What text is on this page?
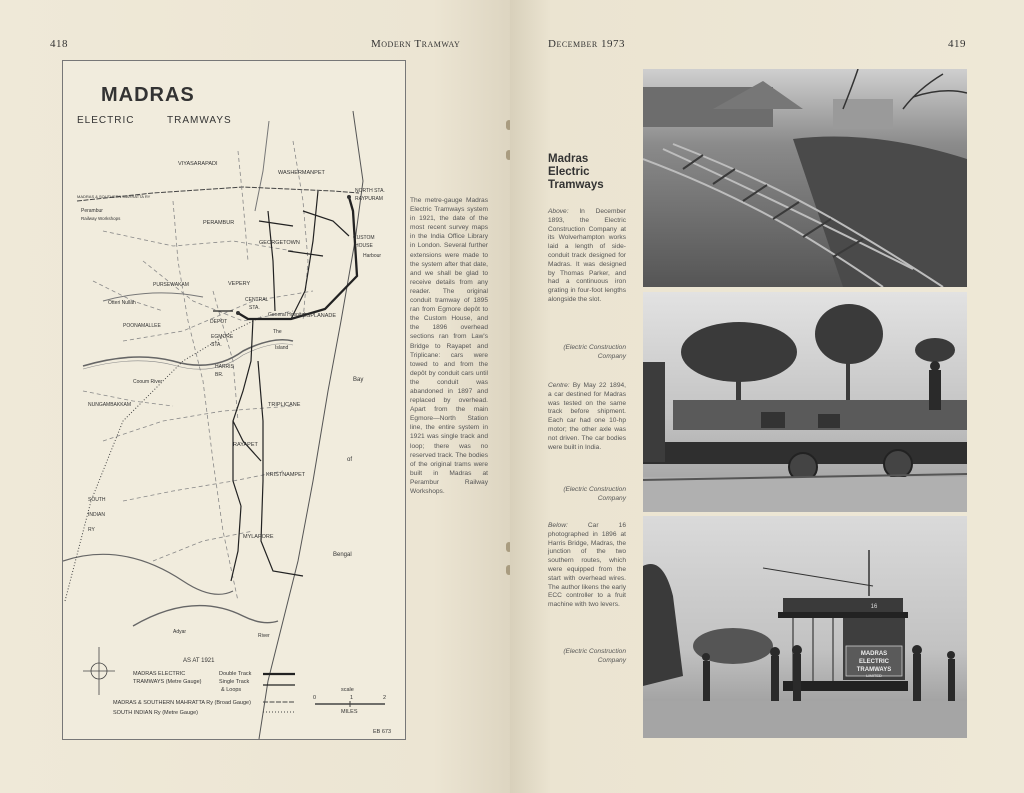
418	Modern Tramway
MADRAS
ELECTRIC	TRAMWAYS
VIYASARAPADI
WASHERMANPET
NORTH STA.
RAYPURAM
MADRAS & SOUTHERN MAHRATTA RY
Perambur
Railway Workshops
PERAMBUR
GEORGETOWN
CUSTOM
HOUSE
Harbour
PURSEWAKAM	VEPERY
CENTRAL
STA.
ESPLANADE
Otteri Nullah
POONAMALLEE
DEPOT
General Hospital
EGMORE
STA.
The
Island
Cooum River
HARRIS
BR.
Bay
NUNGAMBAKKAM	TRIPLICANE
RAYAPET
of
KRISTNAMPET
SOUTH
INDIAN
RY
MYLAPORE
Bengal
Adyar
River
AS AT 1921
MADRAS ELECTRIC
TRAMWAYS (Metre Gauge)
Double Track
Single Track
& Loops
MADRAS & SOUTHERN MAHRATTA Ry (Broad Gauge)
SOUTH INDIAN Ry (Metre Gauge)
scale
0	1	2
MILES
EB 673

The metre-gauge Madras Electric Tramways system in 1921, the date of the most recent survey maps in the India Office Library in London. Several further extensions were made to the system after that date, and we shall be glad to receive details from any reader. The original conduit tramway of 1895 ran from Egmore depôt to the Custom House, and the 1896 overhead sections ran from Law's Bridge to Rayapet and Triplicane: cars were towed to and from the depôt by conduit cars until the conduit was abandoned in 1897 and replaced by overhead. Apart from the main Egmore—North Station line, the entire system in 1921 was single track and loop; there was no reserved track. The bodies of the original trams were built in Madras at Perambur Railway Workshops.

December 1973	419
Madras Electric Tramways

Above: In December 1893, the Electric Construction Company at its Wolverhampton works laid a length of side-conduit track designed for Madras. It was designed by Thomas Parker, and had a continuous iron grating in four-foot lengths alongside the slot.

(Electric Construction Company

Centre: By May 22 1894, a car destined for Madras was tested on the same track before shipment. Each car had one 10-hp motor; the other axle was not driven. The car bodies were built in India.

(Electric Construction Company

Below:	Car 16 photographed in 1896 at Harris Bridge, Madras, the junction of the two southern routes, which were equipped from the start with overhead wires. The author likens the early ECC controller to a fruit machine with two levers.

(Electric Construction Company

MADRAS
ELECTRIC
TRAMWAYS
LIMITED
16
